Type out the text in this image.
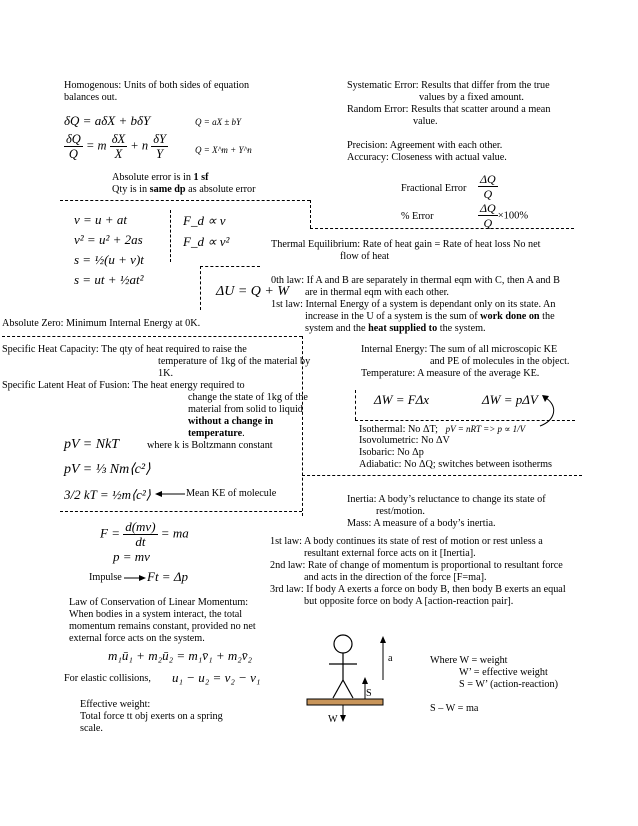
Homogenous: Units of both sides of equation balances out.
δQ = aδX + bδY	Q = aX ± bY
$\frac{\delta Q}{Q} = m \frac{\delta X}{X} + n \frac{\delta Y}{Y}$	Q = X^m + Y^n
Absolute error is in 1 sf
Qty is in same dp as absolute error
Systematic Error: Results that differ from the true
values by a fixed amount.
Random Error: Results that scatter around a mean
value.
Precision: Agreement with each other.
Accuracy: Closeness with actual value.
Fractional Error $\frac{\Delta Q}{Q}$
% Error	$\frac{\Delta Q}{Q} \times 100\%$
v = u + at
v² = u² + 2as
s = ½(u + v)t
s = ut + ½at²
F_d ∝ v
F_d ∝ v²
ΔU = Q + W
Thermal Equilibrium: Rate of heat gain = Rate of heat loss No net
flow of heat
0th law: If A and B are separately in thermal eqm with C, then A and B
are in thermal eqm with each other.
1st law: Internal Energy of a system is dependant only on its state. An
increase in the U of a system is the sum of work done on the
system and the heat supplied to the system.
Absolute Zero: Minimum Internal Energy at 0K.
Specific Heat Capacity: The qty of heat required to raise the
temperature of 1kg of the material by
1K.
Specific Latent Heat of Fusion: The heat energy required to
change the state of 1kg of the
material from solid to liquid
without a change in
temperature.
pV = NkT	where k is Boltzmann constant
pV = ⅓ Nm⟨c²⟩
3/2 kT = ½m⟨c²⟩	Mean KE of molecule
Internal Energy: The sum of all microscopic KE
and PE of molecules in the object.
Temperature: A measure of the average KE.
ΔW = FΔx	ΔW = pΔV
Isothermal: No ΔT; pV = nRT => p ∝ 1/V
Isovolumetric: No ΔV
Isobaric: No Δp
Adiabatic: No ΔQ; switches between isotherms
$F = \frac{d(mv)}{dt}$ = ma
p = mv
Impulse Ft = Δp
Inertia: A body’s reluctance to change its state of
rest/motion.
Mass: A measure of a body’s inertia.
1st law: A body continues its state of rest of motion or rest unless a
resultant external force acts on it [Inertia].
2nd law: Rate of change of momentum is proportional to resultant force
and acts in the direction of the force [F=ma].
3rd law: If body A exerts a force on body B, then body B exerts an equal
but opposite force on body A [action-reaction pair].
Law of Conservation of Linear Momentum:
When bodies in a system interact, the total
momentum remains constant, provided no net
external force acts on the system.
m₁ū₁ + m₂ū₂ = m₁v̄₁ + m₂v̄₂
For elastic collisions, u₁ − u₂ = v₂ − v₁
Effective weight:
Total force tt obj exerts on a spring
scale.
a
S
W
Where W = weight
W’ = effective weight
S = W’ (action-reaction)
S – W = ma
